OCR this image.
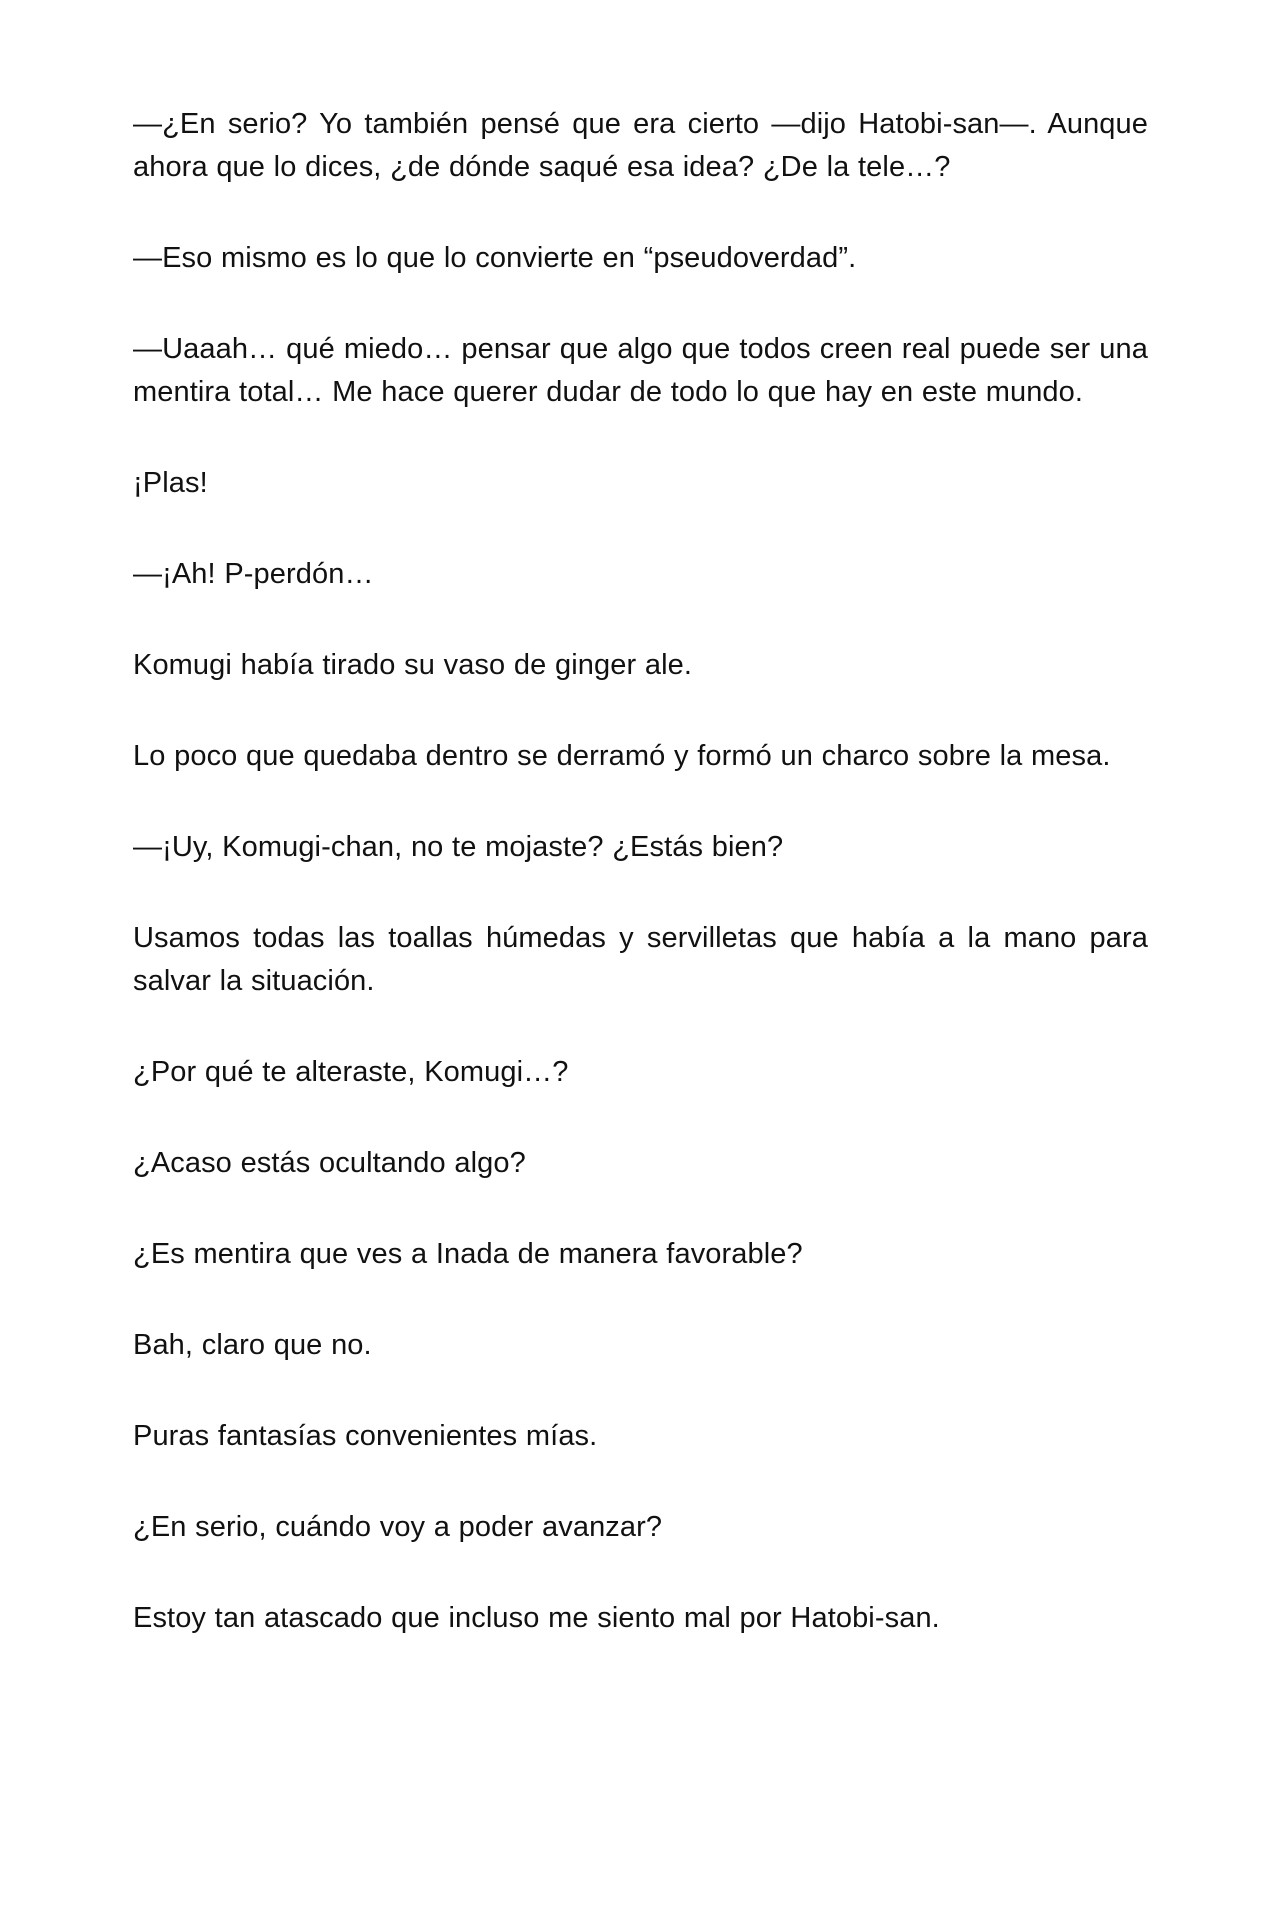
—¿En serio? Yo también pensé que era cierto —dijo Hatobi-san—. Aunque ahora que lo dices, ¿de dónde saqué esa idea? ¿De la tele…?

—Eso mismo es lo que lo convierte en “pseudoverdad”.

—Uaaah… qué miedo… pensar que algo que todos creen real puede ser una mentira total… Me hace querer dudar de todo lo que hay en este mundo.

¡Plas!

—¡Ah! P-perdón…

Komugi había tirado su vaso de ginger ale.

Lo poco que quedaba dentro se derramó y formó un charco sobre la mesa.

—¡Uy, Komugi-chan, no te mojaste? ¿Estás bien?

Usamos todas las toallas húmedas y servilletas que había a la mano para salvar la situación.

¿Por qué te alteraste, Komugi…?

¿Acaso estás ocultando algo?

¿Es mentira que ves a Inada de manera favorable?

Bah, claro que no.

Puras fantasías convenientes mías.

¿En serio, cuándo voy a poder avanzar?

Estoy tan atascado que incluso me siento mal por Hatobi-san.
